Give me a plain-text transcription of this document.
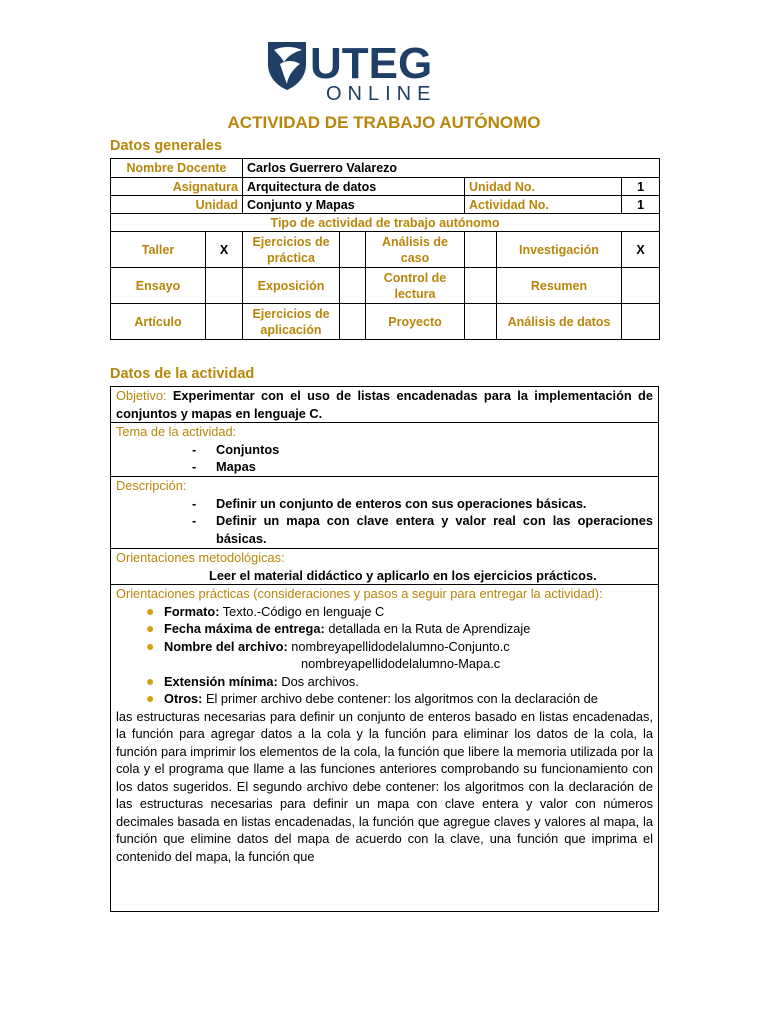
UTEG
ONLINE
ACTIVIDAD DE TRABAJO AUTÓNOMO
Datos generales
Nombre Docente		Carlos Guerrero Valarezo					
Asignatura		Arquitectura de datos			Unidad No.		1
Unidad		Conjunto y Mapas			Actividad No.		1
Tipo de actividad de trabajo autónomo							
Taller	X	Ejercicios de práctica		Análisis de caso		Investigación	X
Ensayo		Exposición		Control de lectura		Resumen	
Artículo		Ejercicios de aplicación		Proyecto		Análisis de datos	
Datos de la actividad
Objetivo: Experimentar con el uso de listas encadenadas para la implementación de conjuntos y mapas en lenguaje C.
Tema de la actividad:
- Conjuntos
- Mapas
Descripción:
- Definir un conjunto de enteros con sus operaciones básicas.
- Definir un mapa con clave entera y valor real con las operaciones básicas.
Orientaciones metodológicas:
Leer el material didáctico y aplicarlo en los ejercicios prácticos.
Orientaciones prácticas (consideraciones y pasos a seguir para entregar la actividad):
● Formato: Texto.-Código en lenguaje C
● Fecha máxima de entrega: detallada en la Ruta de Aprendizaje
● Nombre del archivo: nombreyapellidodelalumno-Conjunto.c
nombreyapellidodelalumno-Mapa.c
● Extensión mínima: Dos archivos.
● Otros: El primer archivo debe contener: los algoritmos con la declaración de
las estructuras necesarias para definir un conjunto de enteros basado en listas encadenadas, la función para agregar datos a la cola y la función para eliminar los datos de la cola, la función para imprimir los elementos de la cola, la función que libere la memoria utilizada por la cola y el programa que llame a las funciones anteriores comprobando su funcionamiento con los datos sugeridos. El segundo archivo debe contener: los algoritmos con la declaración de las estructuras necesarias para definir un mapa con clave entera y valor con números decimales basada en listas encadenadas, la función que agregue claves y valores al mapa, la función que elimine datos del mapa de acuerdo con la clave, una función que imprima el contenido del mapa, la función que
